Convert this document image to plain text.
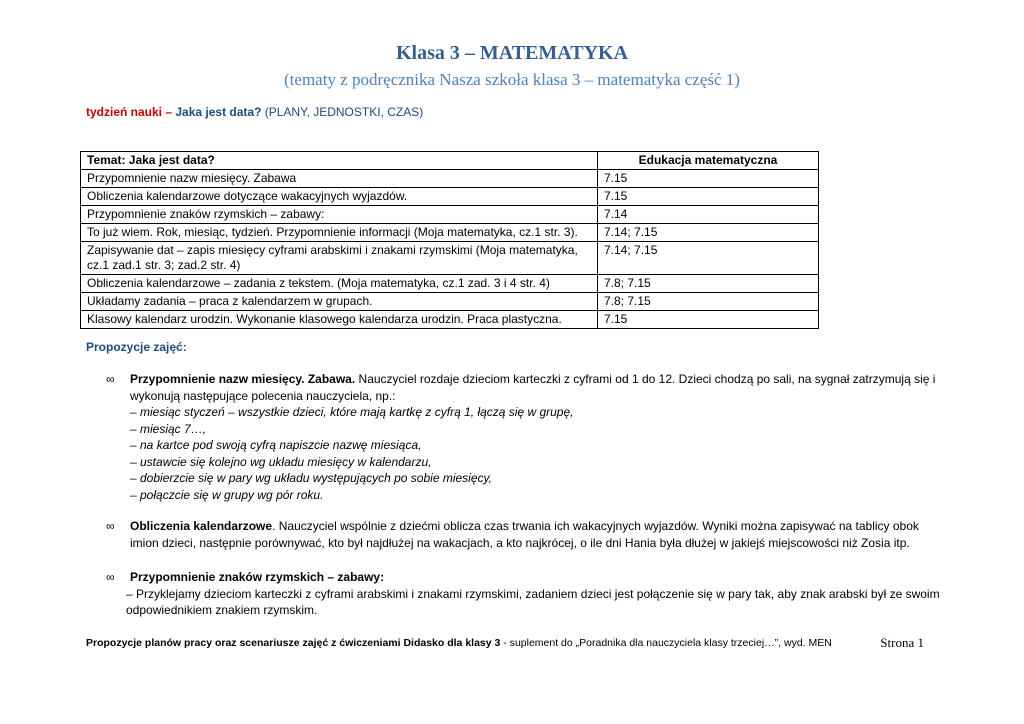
Klasa 3 – MATEMATYKA
(tematy z podręcznika Nasza szkoła klasa 3 – matematyka część 1)
tydzień nauki – Jaka jest data? (PLANY, JEDNOSTKI, CZAS)
Temat: Jaka jest data?	Edukacja matematyczna
Przypomnienie nazw miesięcy. Zabawa	7.15
Obliczenia kalendarzowe dotyczące wakacyjnych wyjazdów.	7.15
Przypomnienie znaków rzymskich – zabawy:	7.14
To już wiem. Rok, miesiąc, tydzień. Przypomnienie informacji (Moja matematyka, cz.1 str. 3).	7.14; 7.15
Zapisywanie dat – zapis miesięcy cyframi arabskimi i znakami rzymskimi (Moja matematyka, cz.1 zad.1 str. 3; zad.2 str. 4)	7.14; 7.15
Obliczenia kalendarzowe – zadania z tekstem. (Moja matematyka, cz.1 zad. 3 i 4 str. 4)	7.8; 7.15
Układamy zadania – praca z kalendarzem w grupach.	7.8; 7.15
Klasowy kalendarz urodzin. Wykonanie klasowego kalendarza urodzin. Praca plastyczna.	7.15
Propozycje zajęć:
∞	Przypomnienie nazw miesięcy. Zabawa. Nauczyciel rozdaje dzieciom karteczki z cyframi od 1 do 12. Dzieci chodzą po sali, na sygnał zatrzymują się i wykonują następujące polecenia nauczyciela, np.:
– miesiąc styczeń – wszystkie dzieci, które mają kartkę z cyfrą 1, łączą się w grupę,
– miesiąc 7…,
– na kartce pod swoją cyfrą napiszcie nazwę miesiąca,
– ustawcie się kolejno wg układu miesięcy w kalendarzu,
– dobierzcie się w pary wg układu występujących po sobie miesięcy,
– połączcie się w grupy wg pór roku.
∞	Obliczenia kalendarzowe. Nauczyciel wspólnie z dziećmi oblicza czas trwania ich wakacyjnych wyjazdów. Wyniki można zapisywać na tablicy obok imion dzieci, następnie porównywać, kto był najdłużej na wakacjach, a kto najkrócej, o ile dni Hania była dłużej w jakiejś miejscowości niż Zosia itp.
∞	Przypomnienie znaków rzymskich – zabawy:
– Przyklejamy dzieciom karteczki z cyframi arabskimi i znakami rzymskimi, zadaniem dzieci jest połączenie się w pary tak, aby znak arabski był ze swoim odpowiednikiem znakiem rzymskim.
Propozycje planów pracy oraz scenariusze zajęć z ćwiczeniami Didasko dla klasy 3 - suplement do „Poradnika dla nauczyciela klasy trzeciej…”, wyd. MEN	Strona 1
